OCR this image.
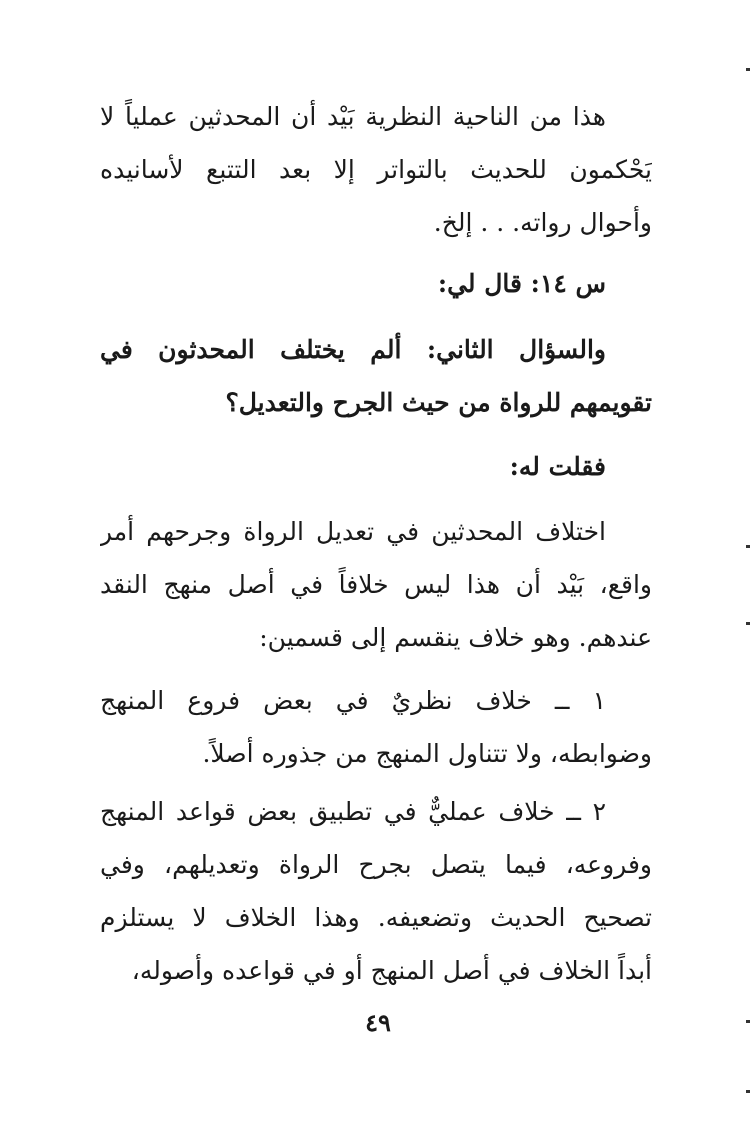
هذا من الناحية النظرية بَيْد أن المحدثين عملياً لا
يَحْكمون للحديث بالتواتر إلا بعد التتبع لأسانيده
وأحوال رواته. . . إلخ.
س ١٤: قال لي:
والسؤال الثاني: ألم يختلف المحدثون في
تقويمهم للرواة من حيث الجرح والتعديل؟
فقلت له:
اختلاف المحدثين في تعديل الرواة وجرحهم أمر
واقع، بَيْد أن هذا ليس خلافاً في أصل منهج النقد
عندهم. وهو خلاف ينقسم إلى قسمين:
١ ــ خلاف نظريٌ في بعض فروع المنهج
وضوابطه، ولا تتناول المنهج من جذوره أصلاً.
٢ ــ خلاف عمليٌّ في تطبيق بعض قواعد المنهج
وفروعه، فيما يتصل بجرح الرواة وتعديلهم، وفي
تصحيح الحديث وتضعيفه. وهذا الخلاف لا يستلزم
أبداً الخلاف في أصل المنهج أو في قواعده وأصوله،
٤٩
